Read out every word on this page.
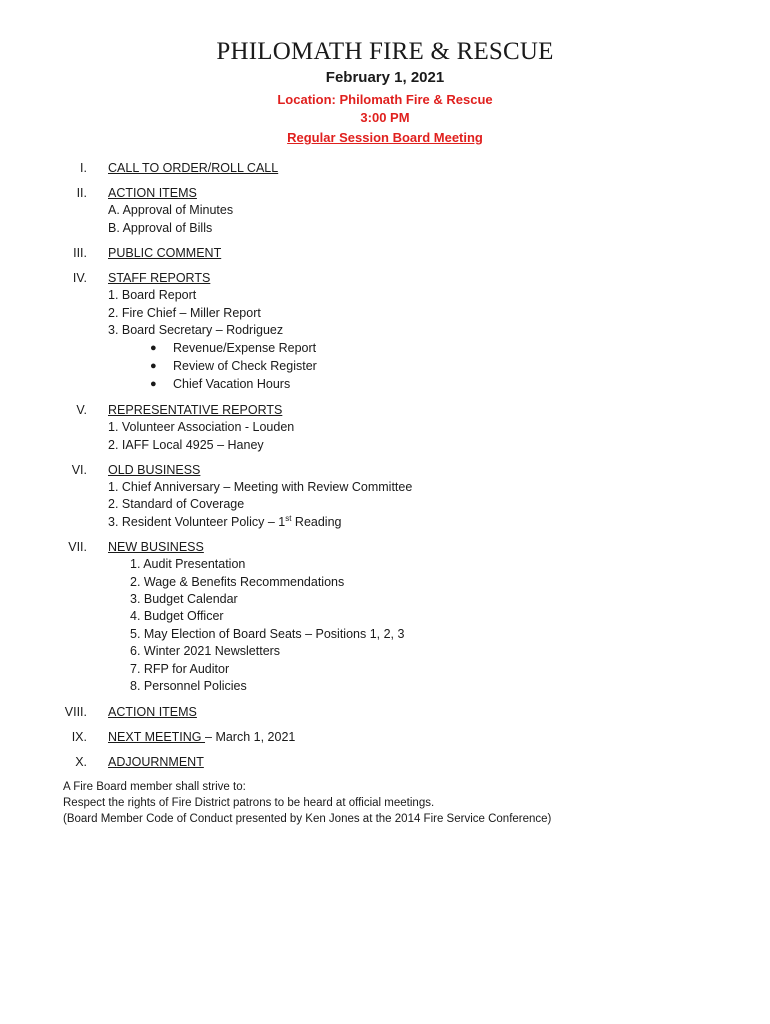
PHILOMATH FIRE & RESCUE
February 1, 2021
Location: Philomath Fire & Rescue
3:00 PM
Regular Session Board Meeting
I. CALL TO ORDER/ROLL CALL
II. ACTION ITEMS
A. Approval of Minutes
B. Approval of Bills
III. PUBLIC COMMENT
IV. STAFF REPORTS
1. Board Report
2. Fire Chief – Miller Report
3. Board Secretary – Rodriguez
● Revenue/Expense Report
● Review of Check Register
● Chief Vacation Hours
V. REPRESENTATIVE REPORTS
1. Volunteer Association - Louden
2. IAFF Local 4925 – Haney
VI. OLD BUSINESS
1. Chief Anniversary – Meeting with Review Committee
2. Standard of Coverage
3. Resident Volunteer Policy – 1st Reading
VII. NEW BUSINESS
1. Audit Presentation
2. Wage & Benefits Recommendations
3. Budget Calendar
4. Budget Officer
5. May Election of Board Seats – Positions 1, 2, 3
6. Winter 2021 Newsletters
7. RFP for Auditor
8. Personnel Policies
VIII. ACTION ITEMS
IX. NEXT MEETING – March 1, 2021
X. ADJOURNMENT
A Fire Board member shall strive to:
Respect the rights of Fire District patrons to be heard at official meetings.
(Board Member Code of Conduct presented by Ken Jones at the 2014 Fire Service Conference)
